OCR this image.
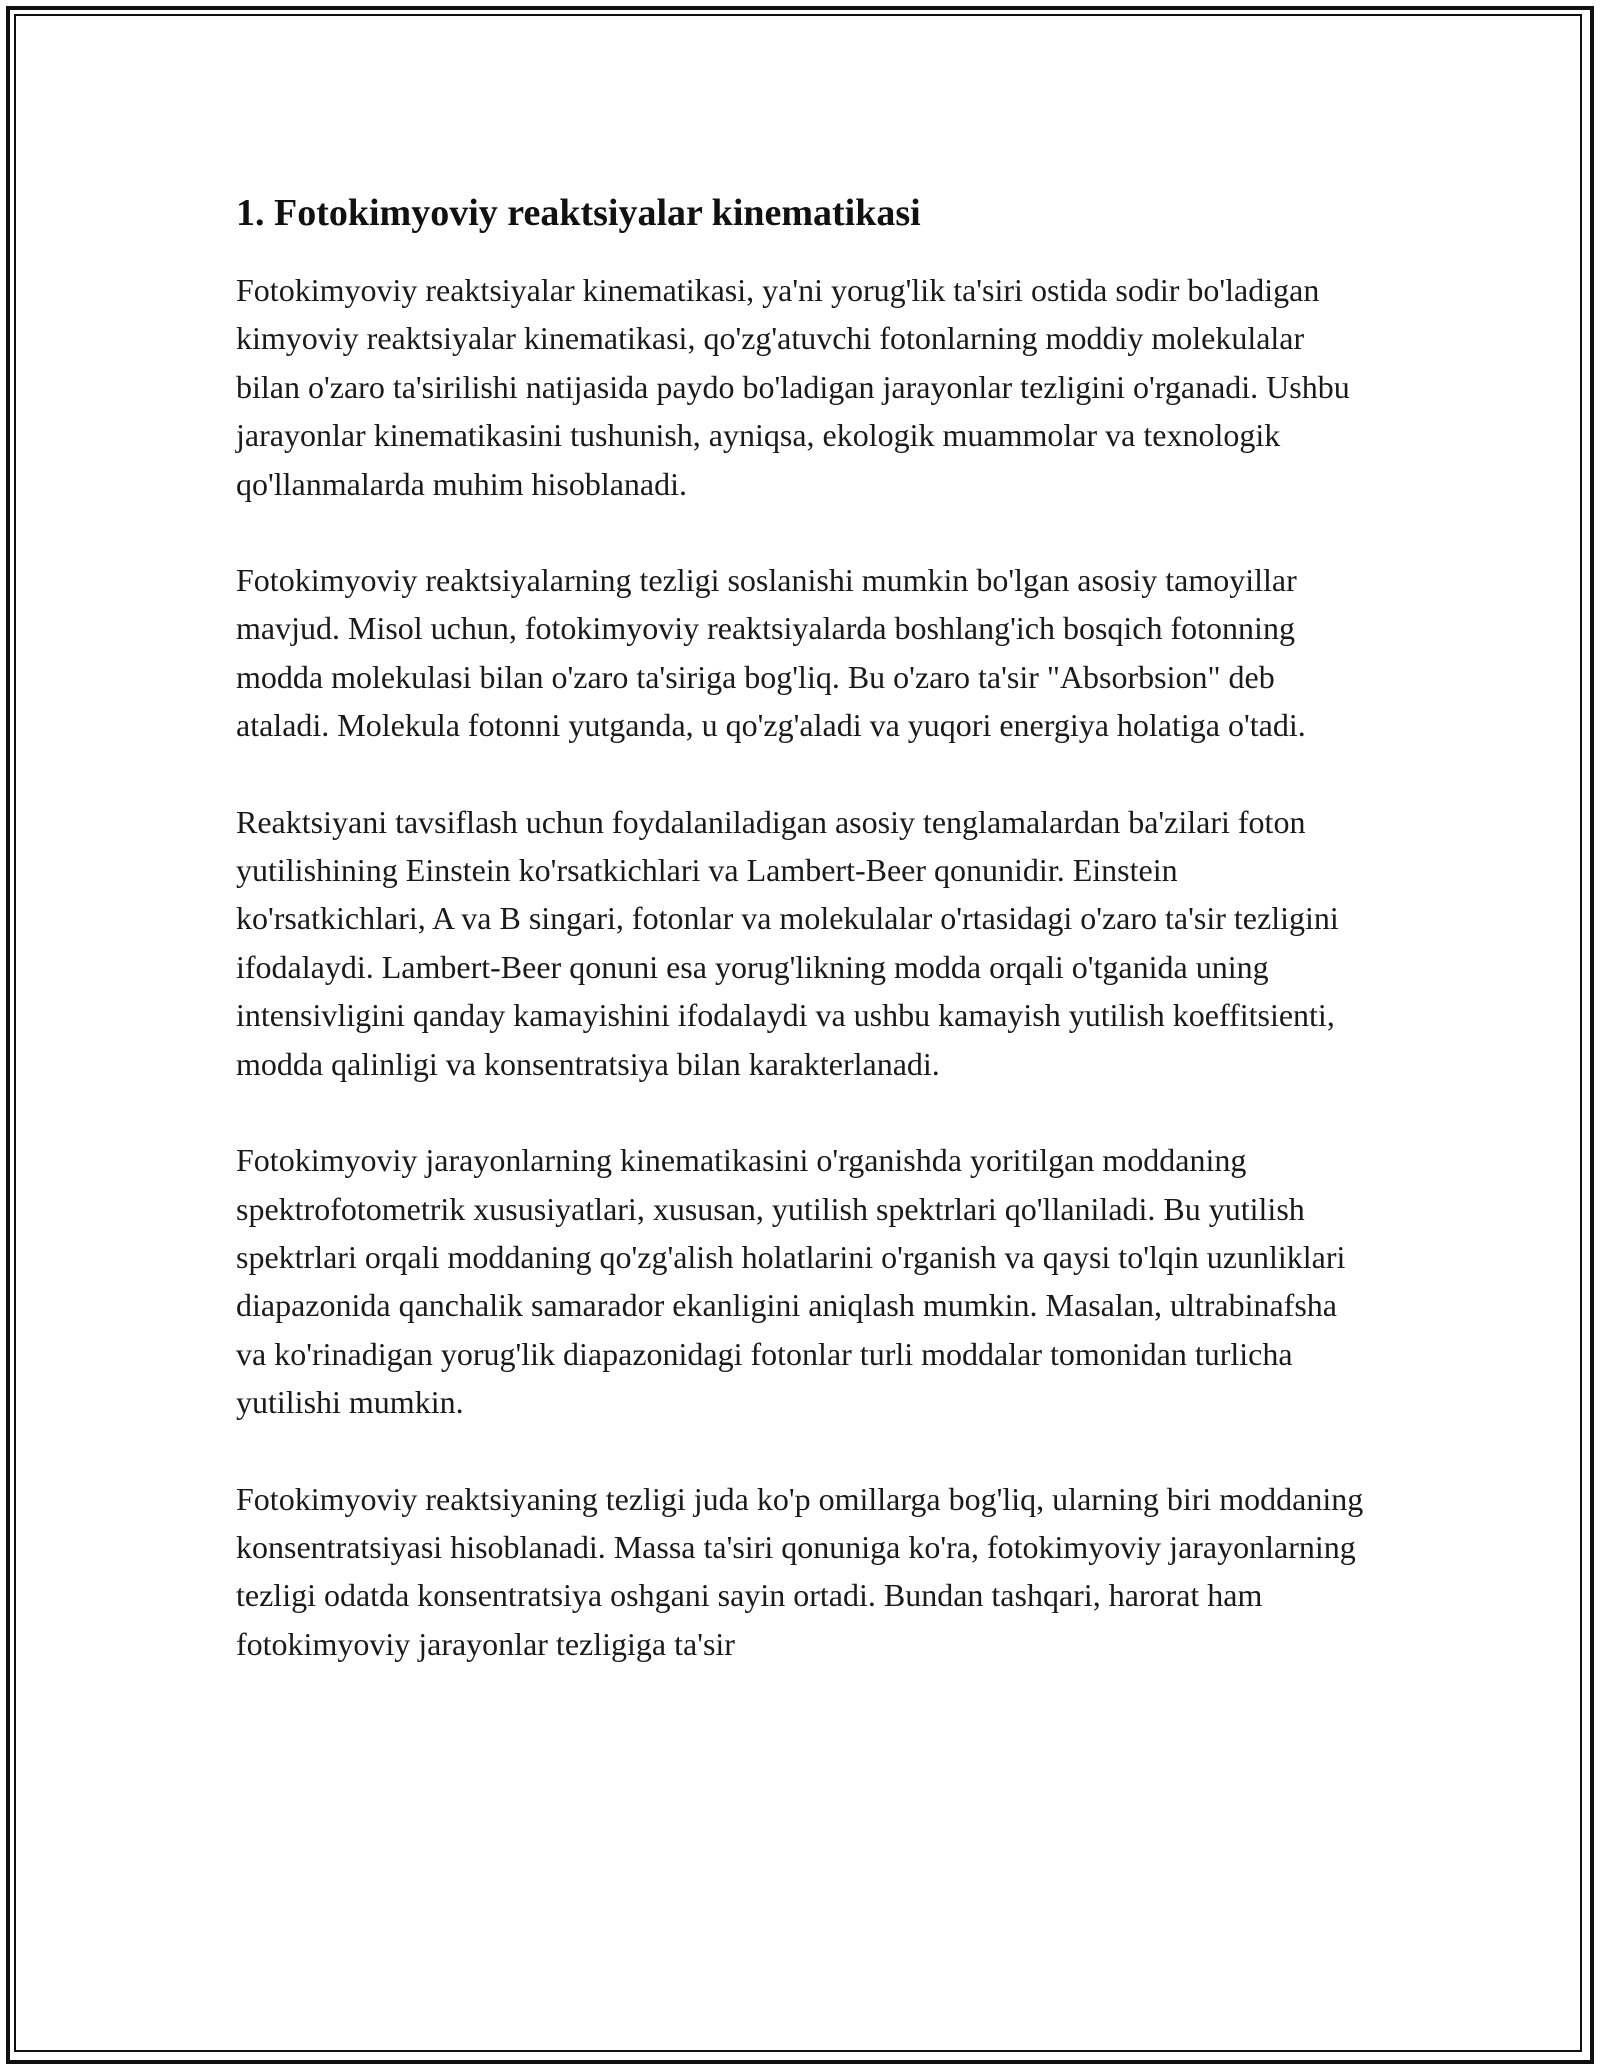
1. Fotokimyoviy reaktsiyalar kinematikasi

Fotokimyoviy reaktsiyalar kinematikasi, ya'ni yorug'lik ta'siri ostida sodir bo'ladigan kimyoviy reaktsiyalar kinematikasi, qo'zg'atuvchi fotonlarning moddiy molekulalar bilan o'zaro ta'sirilishi natijasida paydo bo'ladigan jarayonlar tezligini o'rganadi. Ushbu jarayonlar kinematikasini tushunish, ayniqsa, ekologik muammolar va texnologik qo'llanmalarda muhim hisoblanadi.

Fotokimyoviy reaktsiyalarning tezligi soslanishi mumkin bo'lgan asosiy tamoyillar mavjud. Misol uchun, fotokimyoviy reaktsiyalarda boshlang'ich bosqich fotonning modda molekulasi bilan o'zaro ta'siriga bog'liq. Bu o'zaro ta'sir "Absorbsion" deb ataladi. Molekula fotonni yutganda, u qo'zg'aladi va yuqori energiya holatiga o'tadi.

Reaktsiyani tavsiflash uchun foydalaniladigan asosiy tenglamalardan ba'zilari foton yutilishining Einstein ko'rsatkichlari va Lambert-Beer qonunidir. Einstein ko'rsatkichlari, A va B singari, fotonlar va molekulalar o'rtasidagi o'zaro ta'sir tezligini ifodalaydi. Lambert-Beer qonuni esa yorug'likning modda orqali o'tganida uning intensivligini qanday kamayishini ifodalaydi va ushbu kamayish yutilish koeffitsienti, modda qalinligi va konsentratsiya bilan karakterlanadi.

Fotokimyoviy jarayonlarning kinematikasini o'rganishda yoritilgan moddaning spektrofotometrik xususiyatlari, xususan, yutilish spektrlari qo'llaniladi. Bu yutilish spektrlari orqali moddaning qo'zg'alish holatlarini o'rganish va qaysi to'lqin uzunliklari diapazonida qanchalik samarador ekanligini aniqlash mumkin. Masalan, ultrabinafsha va ko'rinadigan yorug'lik diapazonidagi fotonlar turli moddalar tomonidan turlicha yutilishi mumkin.

Fotokimyoviy reaktsiyaning tezligi juda ko'p omillarga bog'liq, ularning biri moddaning konsentratsiyasi hisoblanadi. Massa ta'siri qonuniga ko'ra, fotokimyoviy jarayonlarning tezligi odatda konsentratsiya oshgani sayin ortadi. Bundan tashqari, harorat ham fotokimyoviy jarayonlar tezligiga ta'sir
